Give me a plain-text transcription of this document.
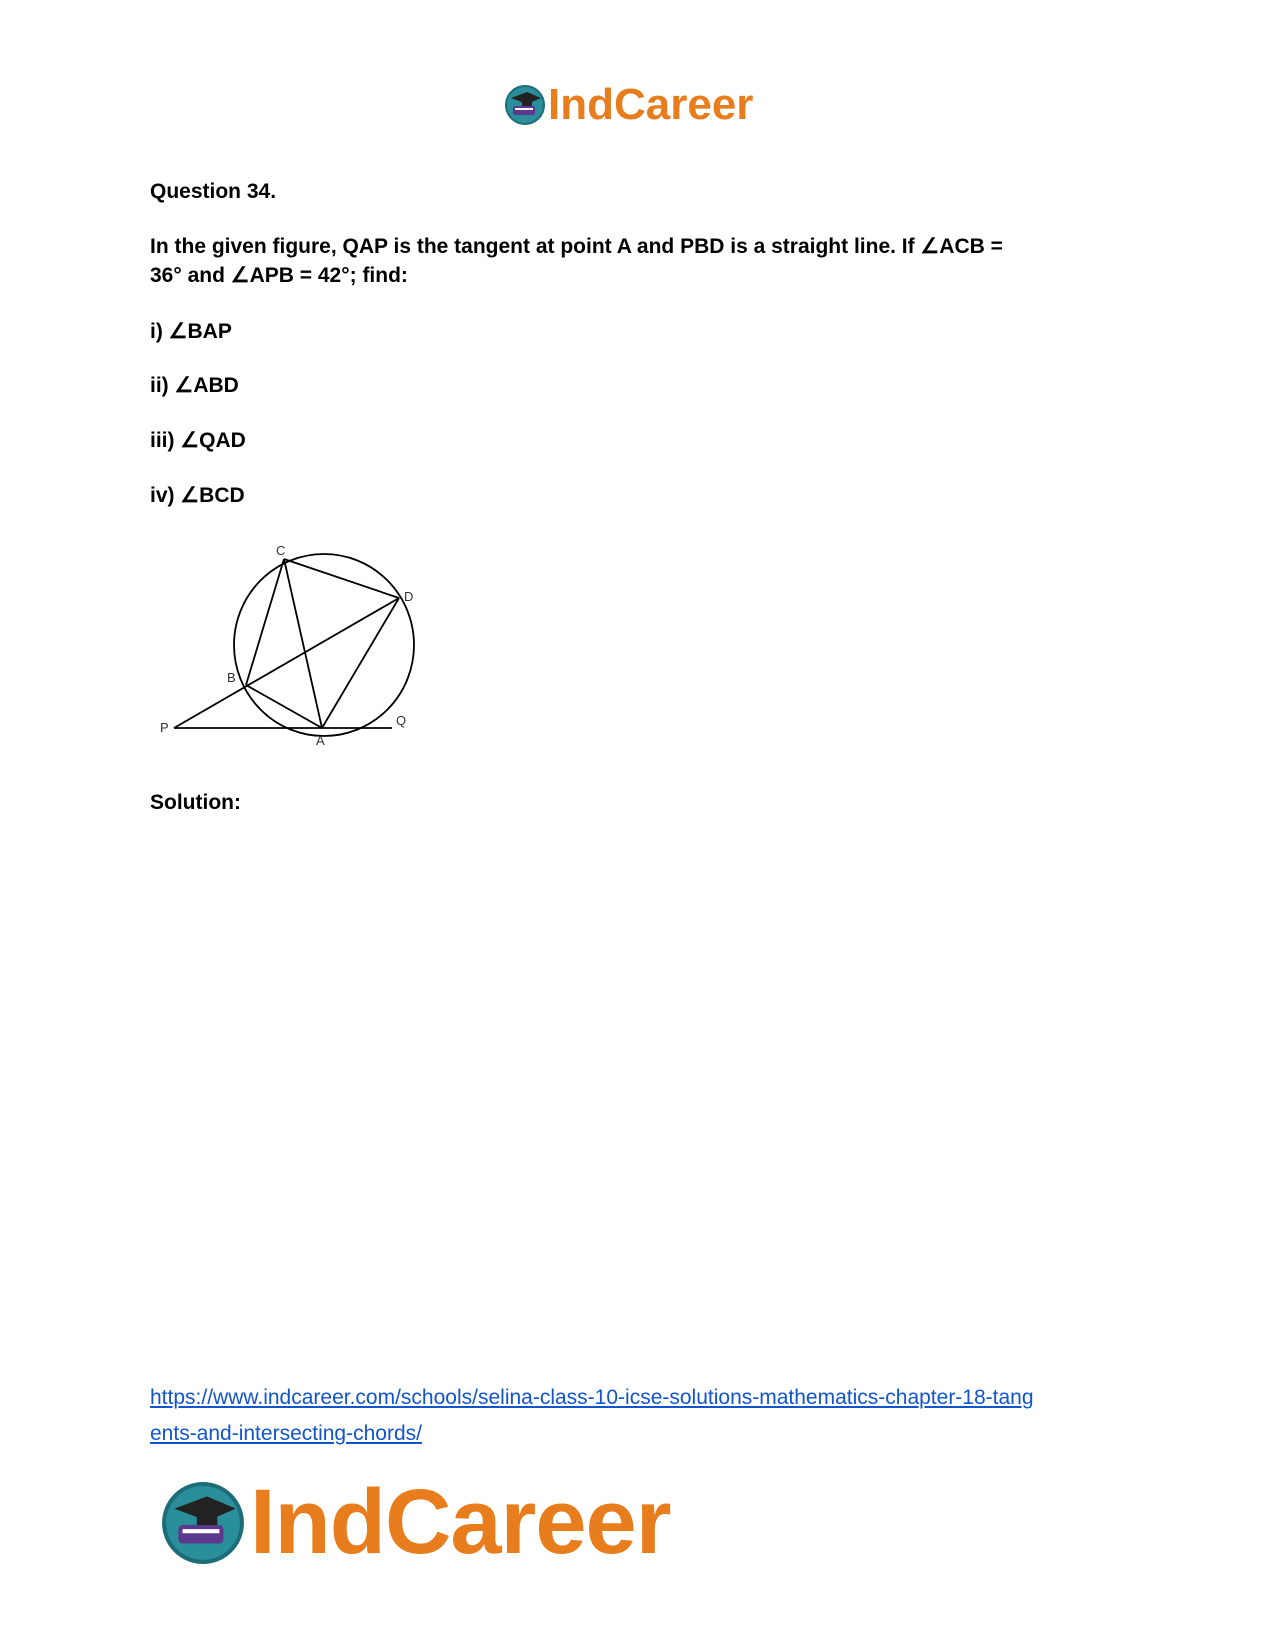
IndCareer
Question 34.
In the given figure, QAP is the tangent at point A and PBD is a straight line. If ∠ACB =
36° and ∠APB = 42°; find:
i) ∠BAP
ii) ∠ABD
iii) ∠QAD
iv) ∠BCD
Solution:
C
D
B
P
A
Q
https://www.indcareer.com/schools/selina-class-10-icse-solutions-mathematics-chapter-18-tang
ents-and-intersecting-chords/
IndCareer
